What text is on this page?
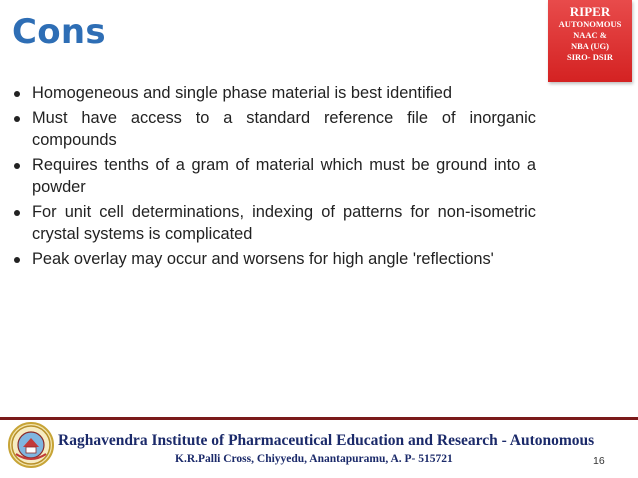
Cons
RIPER
AUTONOMOUS
NAAC &
NBA (UG)
SIRO- DSIR
Homogeneous and single phase material is best identified
Must have access to a standard reference file of inorganic compounds
Requires tenths of a gram of material which must be ground into a powder
For unit cell determinations, indexing of patterns for non-isometric crystal systems is complicated
Peak overlay may occur and worsens for high angle 'reflections'
Raghavendra Institute of Pharmaceutical Education and Research - Autonomous
K.R.Palli Cross, Chiyyedu, Anantapuramu, A. P- 515721	16
